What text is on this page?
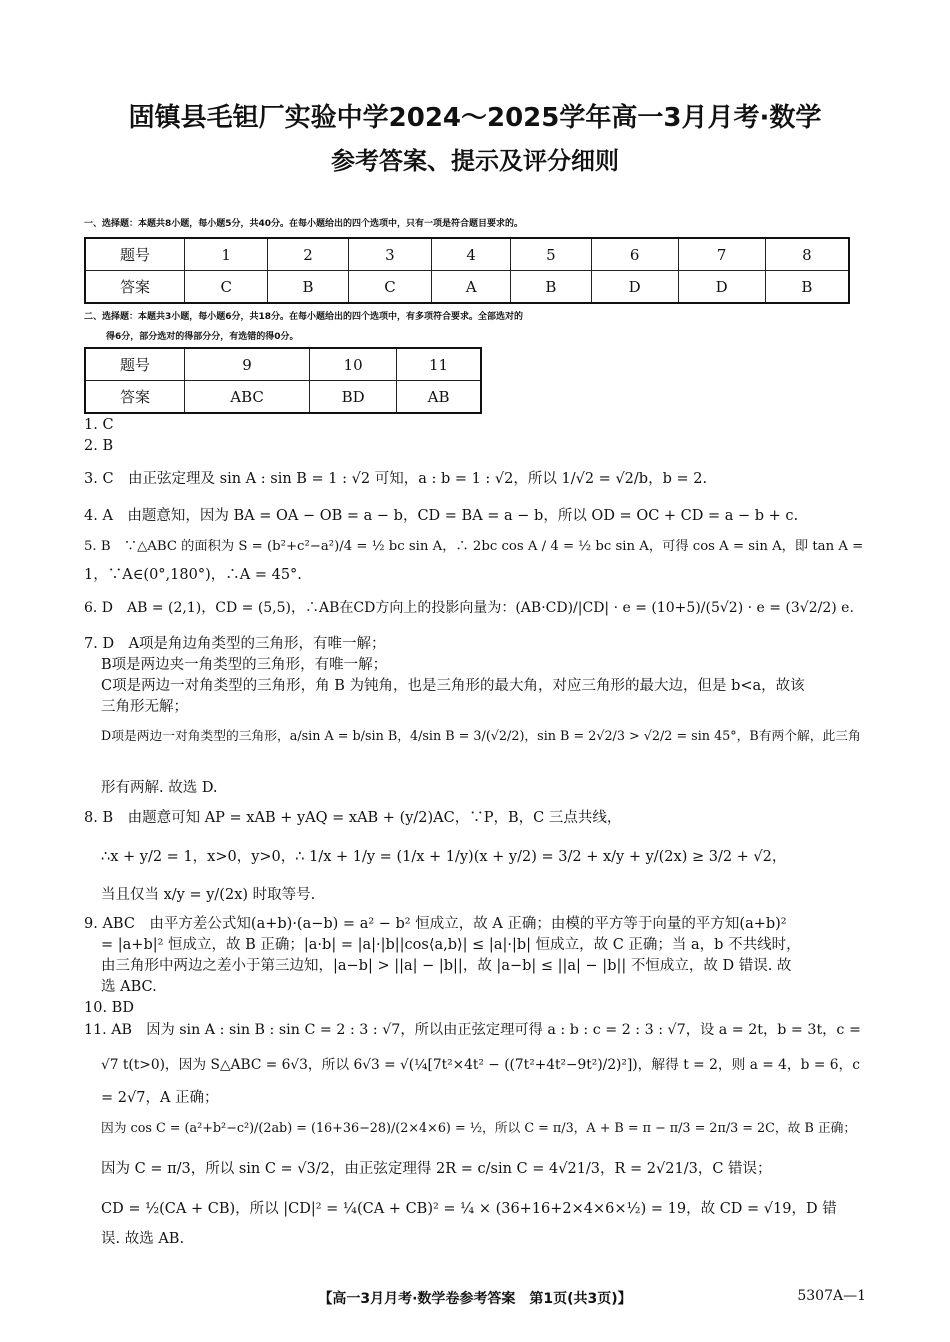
固镇县毛钽厂实验中学2024～2025学年高一3月月考·数学
参考答案、提示及评分细则
一、选择题：本题共8小题，每小题5分，共40分。在每小题给出的四个选项中，只有一项是符合题目要求的。
题号	1	2	3	4	5	6	7	8
答案	C	B	C	A	B	D	D	B
二、选择题：本题共3小题，每小题6分，共18分。在每小题给出的四个选项中，有多项符合要求。全部选对的
得6分，部分选对的得部分分，有选错的得0分。
题号	9	10	11
答案	ABC	BD	AB
1. C
2. B
3. C　由正弦定理及 sin A : sin B = 1 : √2 可知，a : b = 1 : √2，所以 1/√2 = √2/b，b = 2.
4. A　由题意知，因为 BA = OA − OB = a − b，CD = BA = a − b，所以 OD = OC + CD = a − b + c.
5. B　∵△ABC 的面积为 S = (b²+c²−a²)/4 = ½ bc sin A，∴ 2bc cos A / 4 = ½ bc sin A，可得 cos A = sin A，即 tan A =
1，∵A∈(0°,180°)，∴A = 45°.
6. D　AB = (2,1)，CD = (5,5)，∴AB在CD方向上的投影向量为：(AB·CD)/|CD| · e = (10+5)/(5√2) · e = (3√2/2) e.
7. D　A项是角边角类型的三角形，有唯一解；
B项是两边夹一角类型的三角形，有唯一解；
C项是两边一对角类型的三角形，角 B 为钝角，也是三角形的最大角，对应三角形的最大边，但是 b<a，故该
三角形无解；
D项是两边一对角类型的三角形，a/sin A = b/sin B，4/sin B = 3/(√2/2)，sin B = 2√2/3 > √2/2 = sin 45°，B有两个解，此三角
形有两解. 故选 D.
8. B　由题意可知 AP = xAB + yAQ = xAB + (y/2)AC，∵P，B，C 三点共线，
∴x + y/2 = 1，x>0，y>0，∴ 1/x + 1/y = (1/x + 1/y)(x + y/2) = 3/2 + x/y + y/(2x) ≥ 3/2 + √2，
当且仅当 x/y = y/(2x) 时取等号.
9. ABC　由平方差公式知(a+b)·(a−b) = a² − b² 恒成立，故 A 正确；由模的平方等于向量的平方知(a+b)²
= |a+b|² 恒成立，故 B 正确；|a·b| = |a|·|b||cos⟨a,b⟩| ≤ |a|·|b| 恒成立，故 C 正确；当 a，b 不共线时，
由三角形中两边之差小于第三边知，|a−b| > ||a| − |b||，故 |a−b| ≤ ||a| − |b|| 不恒成立，故 D 错误. 故
选 ABC.
10. BD
11. AB　因为 sin A : sin B : sin C = 2 : 3 : √7，所以由正弦定理可得 a : b : c = 2 : 3 : √7，设 a = 2t，b = 3t，c =
√7 t(t>0)，因为 S△ABC = 6√3，所以 6√3 = √(¼[7t²×4t² − ((7t²+4t²−9t²)/2)²])，解得 t = 2，则 a = 4，b = 6，c
= 2√7，A 正确；
因为 cos C = (a²+b²−c²)/(2ab) = (16+36−28)/(2×4×6) = ½，所以 C = π/3，A + B = π − π/3 = 2π/3 = 2C，故 B 正确；
因为 C = π/3，所以 sin C = √3/2，由正弦定理得 2R = c/sin C = 4√21/3，R = 2√21/3，C 错误；
CD = ½(CA + CB)，所以 |CD|² = ¼(CA + CB)² = ¼ × (36+16+2×4×6×½) = 19，故 CD = √19，D 错
误. 故选 AB.
【高一3月月考·数学卷参考答案　第1页(共3页)】	5307A—1
